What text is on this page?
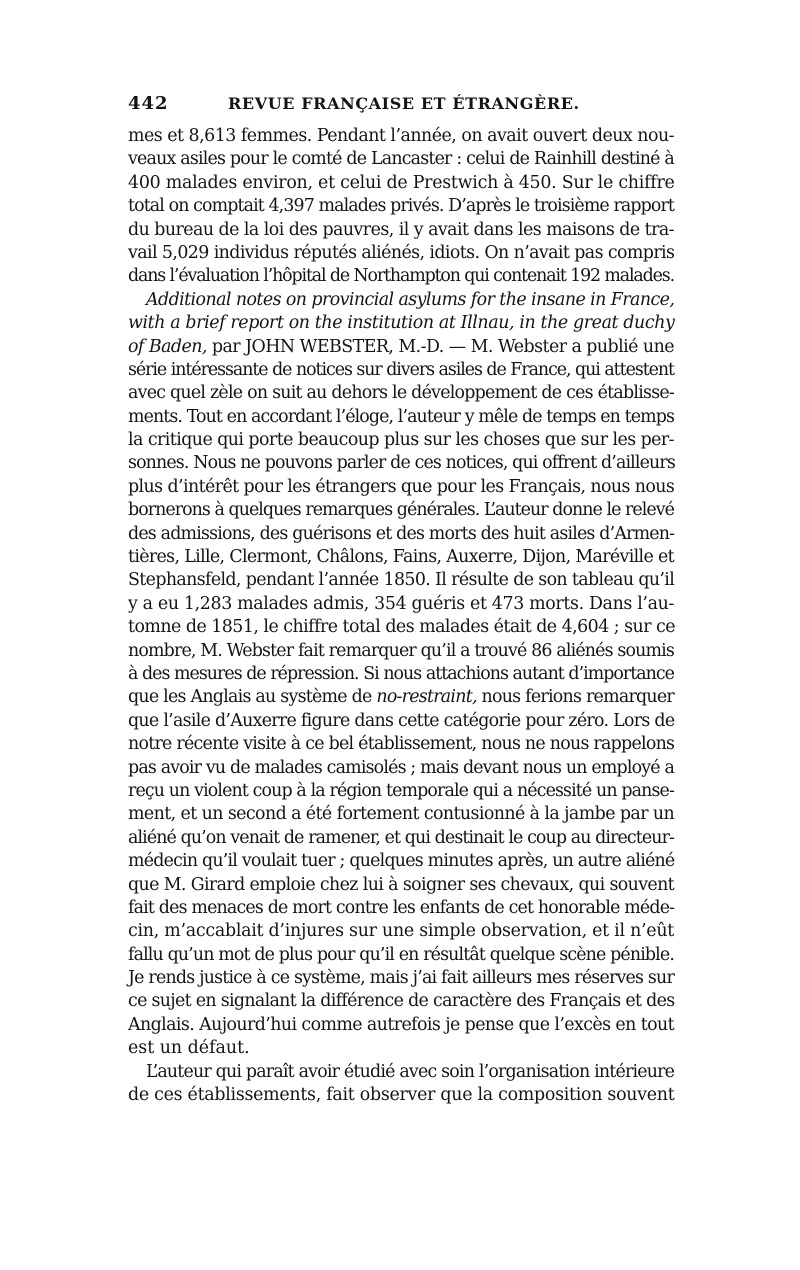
442	REVUE FRANÇAISE ET ÉTRANGÈRE.
mes et 8,613 femmes. Pendant l’année, on avait ouvert deux nou-
veaux asiles pour le comté de Lancaster : celui de Rainhill destiné à
400 malades environ, et celui de Prestwich à 450. Sur le chiffre
total on comptait 4,397 malades privés. D’après le troisième rapport
du bureau de la loi des pauvres, il y avait dans les maisons de tra-
vail 5,029 individus réputés aliénés, idiots. On n’avait pas compris
dans l’évaluation l’hôpital de Northampton qui contenait 192 malades.
Additional notes on provincial asylums for the insane in France,
with a brief report on the institution at Illnau, in the great duchy
of Baden, par JOHN WEBSTER, M.-D. — M. Webster a publié une
série intéressante de notices sur divers asiles de France, qui attestent
avec quel zèle on suit au dehors le développement de ces établisse-
ments. Tout en accordant l’éloge, l’auteur y mêle de temps en temps
la critique qui porte beaucoup plus sur les choses que sur les per-
sonnes. Nous ne pouvons parler de ces notices, qui offrent d’ailleurs
plus d’intérêt pour les étrangers que pour les Français, nous nous
bornerons à quelques remarques générales. L’auteur donne le relevé
des admissions, des guérisons et des morts des huit asiles d’Armen-
tières, Lille, Clermont, Châlons, Fains, Auxerre, Dijon, Maréville et
Stephansfeld, pendant l’année 1850. Il résulte de son tableau qu’il
y a eu 1,283 malades admis, 354 guéris et 473 morts. Dans l’au-
tomne de 1851, le chiffre total des malades était de 4,604 ; sur ce
nombre, M. Webster fait remarquer qu’il a trouvé 86 aliénés soumis
à des mesures de répression. Si nous attachions autant d’importance
que les Anglais au système de no-restraint, nous ferions remarquer
que l’asile d’Auxerre figure dans cette catégorie pour zéro. Lors de
notre récente visite à ce bel établissement, nous ne nous rappelons
pas avoir vu de malades camisolés ; mais devant nous un employé a
reçu un violent coup à la région temporale qui a nécessité un panse-
ment, et un second a été fortement contusionné à la jambe par un
aliéné qu’on venait de ramener, et qui destinait le coup au directeur-
médecin qu’il voulait tuer ; quelques minutes après, un autre aliéné
que M. Girard emploie chez lui à soigner ses chevaux, qui souvent
fait des menaces de mort contre les enfants de cet honorable méde-
cin, m’accablait d’injures sur une simple observation, et il n’eût
fallu qu’un mot de plus pour qu’il en résultât quelque scène pénible.
Je rends justice à ce système, mais j’ai fait ailleurs mes réserves sur
ce sujet en signalant la différence de caractère des Français et des
Anglais. Aujourd’hui comme autrefois je pense que l’excès en tout
est un défaut.
L’auteur qui paraît avoir étudié avec soin l’organisation intérieure
de ces établissements, fait observer que la composition souvent
